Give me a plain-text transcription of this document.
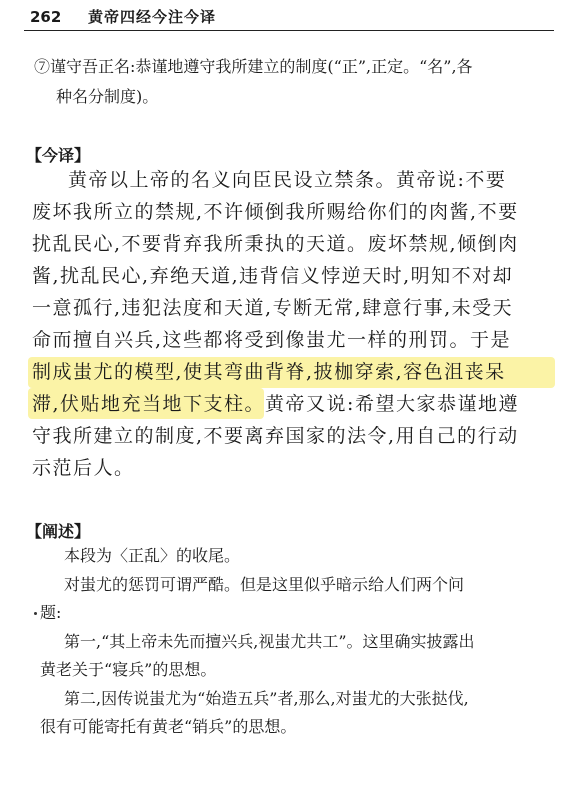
262 黄帝四经今注今译
⑦谨守吾正名:恭谨地遵守我所建立的制度(“正”,正定。“名”,各
种名分制度)。
【今译】
黄帝以上帝的名义向臣民设立禁条。黄帝说:不要
废坏我所立的禁规,不许倾倒我所赐给你们的肉酱,不要
扰乱民心,不要背弃我所秉执的天道。废坏禁规,倾倒肉
酱,扰乱民心,弃绝天道,违背信义悖逆天时,明知不对却
一意孤行,违犯法度和天道,专断无常,肆意行事,未受天
命而擅自兴兵,这些都将受到像蚩尤一样的刑罚。于是
制成蚩尤的模型,使其弯曲背脊,披枷穿索,容色沮丧呆
滞,伏贴地充当地下支柱。黄帝又说:希望大家恭谨地遵
守我所建立的制度,不要离弃国家的法令,用自己的行动
示范后人。
【阐述】
本段为〈正乱〉的收尾。
对蚩尤的惩罚可谓严酷。但是这里似乎暗示给人们两个问
题:
第一,“其上帝未先而擅兴兵,视蚩尤共工”。这里确实披露出
黄老关于“寝兵”的思想。
第二,因传说蚩尤为“始造五兵”者,那么,对蚩尤的大张挞伐,
很有可能寄托有黄老“销兵”的思想。
